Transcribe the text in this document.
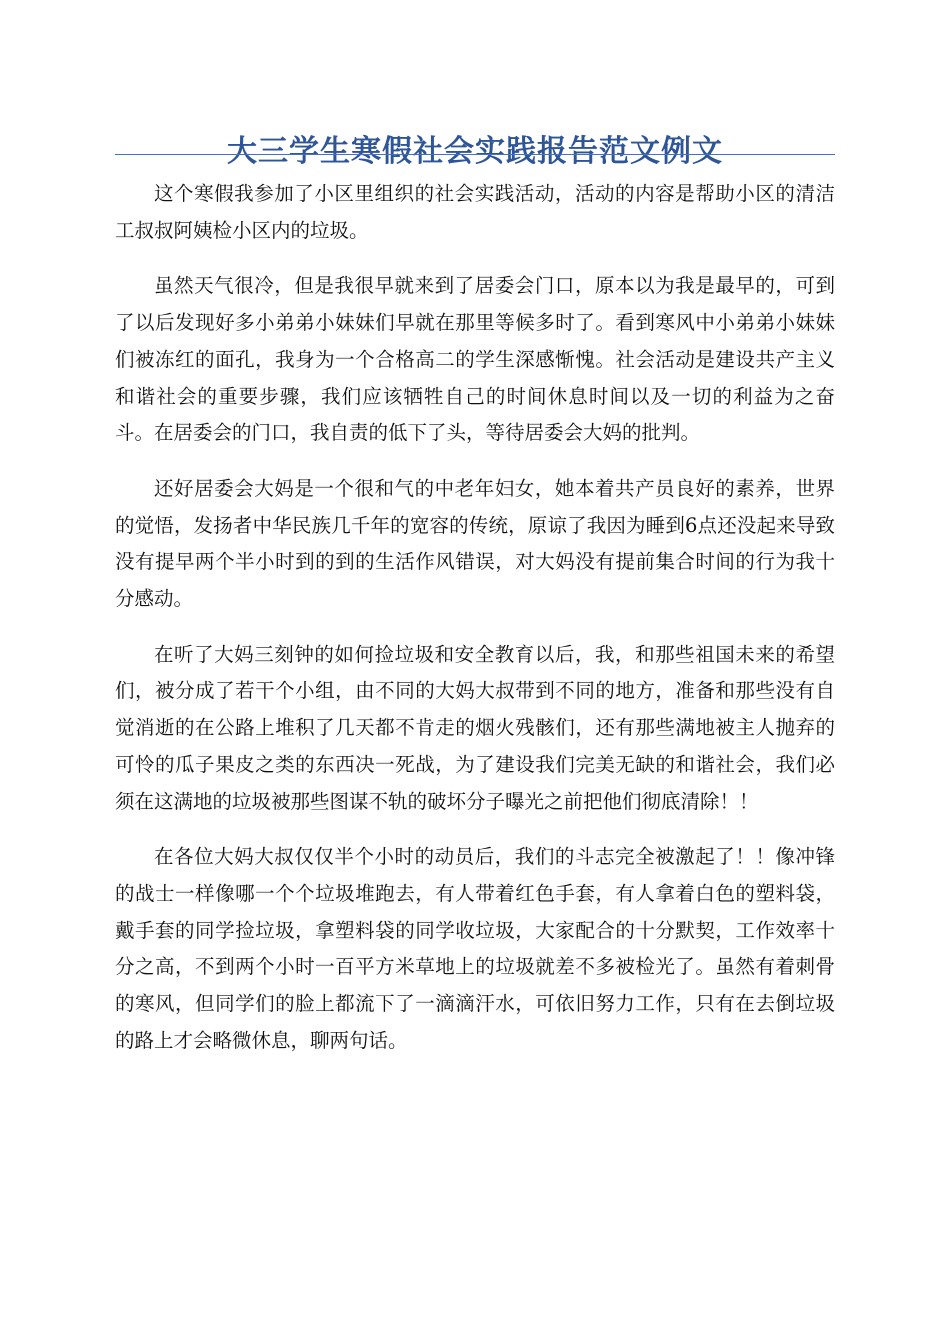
大三学生寒假社会实践报告范文例文

这个寒假我参加了小区里组织的社会实践活动，活动的内容是帮助小区的清洁工叔叔阿姨检小区内的垃圾。

虽然天气很冷，但是我很早就来到了居委会门口，原本以为我是最早的，可到了以后发现好多小弟弟小妹妹们早就在那里等候多时了。看到寒风中小弟弟小妹妹们被冻红的面孔，我身为一个合格高二的学生深感惭愧。社会活动是建设共产主义和谐社会的重要步骤，我们应该牺牲自己的时间休息时间以及一切的利益为之奋斗。在居委会的门口，我自责的低下了头，等待居委会大妈的批判。

还好居委会大妈是一个很和气的中老年妇女，她本着共产员良好的素养，世界的觉悟，发扬者中华民族几千年的宽容的传统，原谅了我因为睡到6点还没起来导致没有提早两个半小时到的到的生活作风错误，对大妈没有提前集合时间的行为我十分感动。

在听了大妈三刻钟的如何捡垃圾和安全教育以后，我，和那些祖国未来的希望们，被分成了若干个小组，由不同的大妈大叔带到不同的地方，准备和那些没有自觉消逝的在公路上堆积了几天都不肯走的烟火残骸们，还有那些满地被主人抛弃的可怜的瓜子果皮之类的东西决一死战，为了建设我们完美无缺的和谐社会，我们必须在这满地的垃圾被那些图谋不轨的破坏分子曝光之前把他们彻底清除！！

在各位大妈大叔仅仅半个小时的动员后，我们的斗志完全被激起了！！像冲锋的战士一样像哪一个个垃圾堆跑去，有人带着红色手套，有人拿着白色的塑料袋，戴手套的同学捡垃圾，拿塑料袋的同学收垃圾，大家配合的十分默契，工作效率十分之高，不到两个小时一百平方米草地上的垃圾就差不多被检光了。虽然有着刺骨的寒风，但同学们的脸上都流下了一滴滴汗水，可依旧努力工作，只有在去倒垃圾的路上才会略微休息，聊两句话。
